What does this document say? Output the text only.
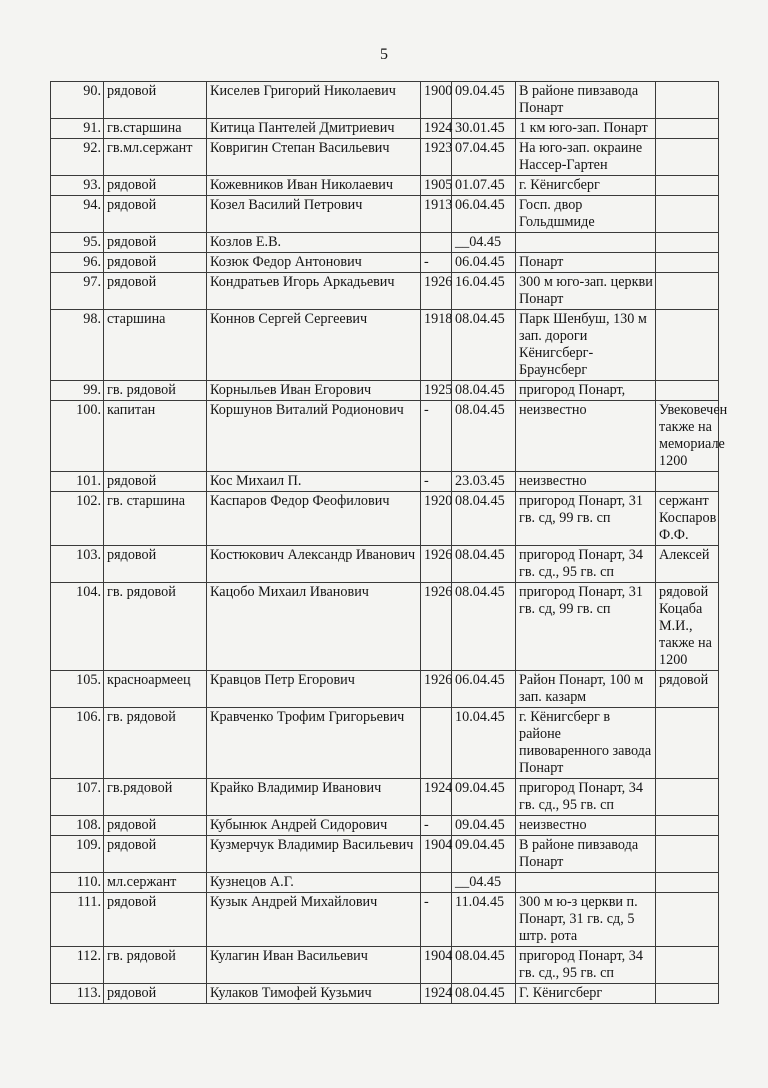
5
90.	рядовой	Киселев Григорий Николаевич	1900	09.04.45	В районе пивзавода Понарт	
91.	гв.старшина	Китица Пантелей Дмитриевич	1924	30.01.45	1 км юго-зап. Понарт	
92.	гв.мл.сержант	Ковригин Степан Васильевич	1923	07.04.45	На юго-зап. окраине Нассер-Гартен	
93.	рядовой	Кожевников Иван Николаевич	1905	01.07.45	г. Кёнигсберг	
94.	рядовой	Козел Василий Петрович	1913	06.04.45	Госп. двор Гольдшмиде	
95.	рядовой	Козлов Е.В.		__04.45		
96.	рядовой	Козюк Федор Антонович	-	06.04.45	Понарт	
97.	рядовой	Кондратьев Игорь Аркадьевич	1926	16.04.45	300 м юго-зап. церкви Понарт	
98.	старшина	Коннов Сергей Сергеевич	1918	08.04.45	Парк Шенбуш, 130 м зап. дороги Кёнигсберг-Браунсберг	
99.	гв. рядовой	Корныльев Иван Егорович	1925	08.04.45	пригород Понарт,	
100.	капитан	Коршунов Виталий Родионович	-	08.04.45	неизвестно	Увековечен также на мемориале 1200
101.	рядовой	Кос Михаил П.	-	23.03.45	неизвестно	
102.	гв. старшина	Каспаров Федор Феофилович	1920	08.04.45	пригород Понарт, 31 гв. сд, 99 гв. сп	сержант Коспаров Ф.Ф.
103.	рядовой	Костюкович Александр Иванович	1926	08.04.45	пригород Понарт, 34 гв. сд., 95 гв. сп	Алексей
104.	гв. рядовой	Кацобо Михаил Иванович	1926	08.04.45	пригород Понарт, 31 гв. сд, 99 гв. сп	рядовой Коцаба М.И., также на 1200
105.	красноармеец	Кравцов Петр Егорович	1926	06.04.45	Район Понарт, 100 м зап. казарм	рядовой
106.	гв. рядовой	Кравченко Трофим Григорьевич		10.04.45	г. Кёнигсберг в районе пивоваренного завода Понарт	
107.	гв.рядовой	Крайко Владимир Иванович	1924	09.04.45	пригород Понарт, 34 гв. сд., 95 гв. сп	
108.	рядовой	Кубынюк Андрей Сидорович	-	09.04.45	неизвестно	
109.	рядовой	Кузмерчук Владимир Васильевич	1904	09.04.45	В районе пивзавода Понарт	
110.	мл.сержант	Кузнецов А.Г.		__04.45		
111.	рядовой	Кузык Андрей Михайлович	-	11.04.45	300 м ю-з церкви п. Понарт, 31 гв. сд, 5 штр. рота	
112.	гв. рядовой	Кулагин Иван Васильевич	1904	08.04.45	пригород Понарт, 34 гв. сд., 95 гв. сп	
113.	рядовой	Кулаков Тимофей Кузьмич	1924	08.04.45	Г. Кёнигсберг	
